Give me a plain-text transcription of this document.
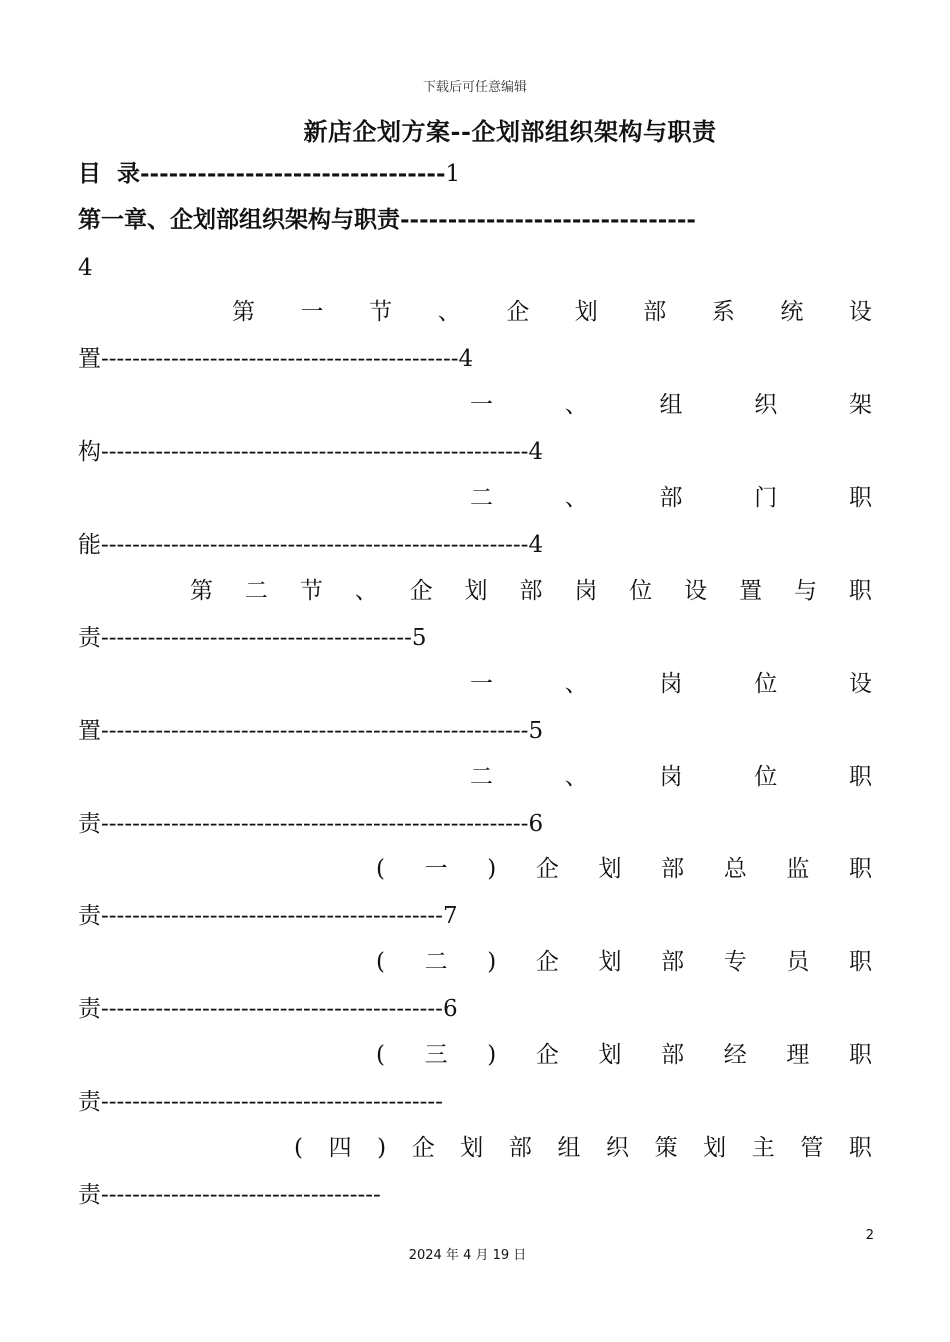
下载后可任意编辑
新店企划方案--企划部组织架构与职责
目  录--------------------------------1
第一章、企划部组织架构与职责-------------------------------
4
第 一 节 、 企 划 部 系 统 设
置----------------------------------------------4
一	、	组	织	架
构-------------------------------------------------------4
二	、	部	门	职
能-------------------------------------------------------4
第 二 节 、 企 划 部 岗 位 设 置 与 职
责----------------------------------------5
一	、	岗	位	设
置-------------------------------------------------------5
二	、	岗	位	职
责-------------------------------------------------------6
( 一 ) 企 划 部 总 监 职
责--------------------------------------------7
( 二 ) 企 划 部 专 员 职
责--------------------------------------------6
( 三 ) 企 划 部 经 理 职
责--------------------------------------------
( 四 ) 企 划 部 组 织 策 划 主 管 职
责------------------------------------
2
2024 年 4 月 19 日
